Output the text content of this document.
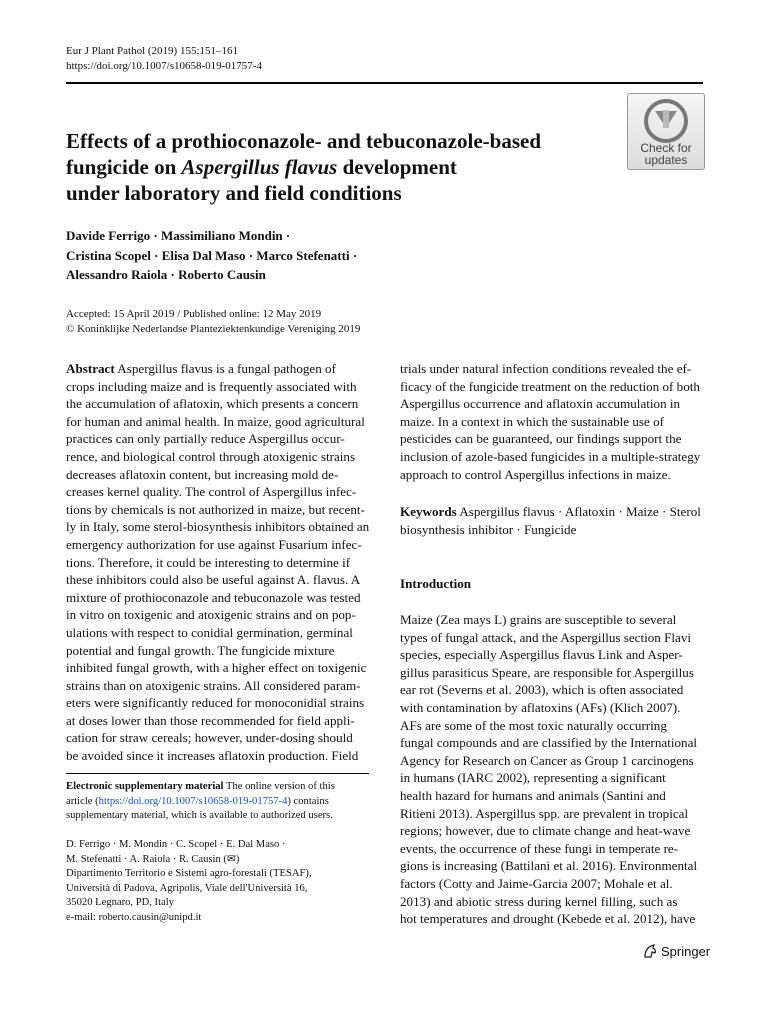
Eur J Plant Pathol (2019) 155:151–161
https://doi.org/10.1007/s10658-019-01757-4
Check for
updates
Effects of a prothioconazole- and tebuconazole-based
fungicide on Aspergillus flavus development
under laboratory and field conditions
Davide Ferrigo · Massimiliano Mondin ·
Cristina Scopel · Elisa Dal Maso · Marco Stefenatti ·
Alessandro Raiola · Roberto Causin
Accepted: 15 April 2019 / Published online: 12 May 2019
© Koninklijke Nederlandse Planteziektenkundige Vereniging 2019
Abstract Aspergillus flavus is a fungal pathogen of
crops including maize and is frequently associated with
the accumulation of aflatoxin, which presents a concern
for human and animal health. In maize, good agricultural
practices can only partially reduce Aspergillus occur-
rence, and biological control through atoxigenic strains
decreases aflatoxin content, but increasing mold de-
creases kernel quality. The control of Aspergillus infec-
tions by chemicals is not authorized in maize, but recent-
ly in Italy, some sterol-biosynthesis inhibitors obtained an
emergency authorization for use against Fusarium infec-
tions. Therefore, it could be interesting to determine if
these inhibitors could also be useful against A. flavus. A
mixture of prothioconazole and tebuconazole was tested
in vitro on toxigenic and atoxigenic strains and on pop-
ulations with respect to conidial germination, germinal
potential and fungal growth. The fungicide mixture
inhibited fungal growth, with a higher effect on toxigenic
strains than on atoxigenic strains. All considered param-
eters were significantly reduced for monoconidial strains
at doses lower than those recommended for field appli-
cation for straw cereals; however, under-dosing should
be avoided since it increases aflatoxin production. Field
Electronic supplementary material The online version of this
article (https://doi.org/10.1007/s10658-019-01757-4) contains
supplementary material, which is available to authorized users.
D. Ferrigo · M. Mondin · C. Scopel · E. Dal Maso ·
M. Stefenatti · A. Raiola · R. Causin (✉)
Dipartimento Territorio e Sistemi agro-forestali (TESAF),
Università di Padova, Agripolis, Viale dell'Università 16,
35020 Legnaro, PD, Italy
e-mail: roberto.causin@unipd.it
trials under natural infection conditions revealed the ef-
ficacy of the fungicide treatment on the reduction of both
Aspergillus occurrence and aflatoxin accumulation in
maize. In a context in which the sustainable use of
pesticides can be guaranteed, our findings support the
inclusion of azole-based fungicides in a multiple-strategy
approach to control Aspergillus infections in maize.
Keywords Aspergillus flavus · Aflatoxin · Maize · Sterol
biosynthesis inhibitor · Fungicide
Introduction
Maize (Zea mays L) grains are susceptible to several
types of fungal attack, and the Aspergillus section Flavi
species, especially Aspergillus flavus Link and Asper-
gillus parasiticus Speare, are responsible for Aspergillus
ear rot (Severns et al. 2003), which is often associated
with contamination by aflatoxins (AFs) (Klich 2007).
AFs are some of the most toxic naturally occurring
fungal compounds and are classified by the International
Agency for Research on Cancer as Group 1 carcinogens
in humans (IARC 2002), representing a significant
health hazard for humans and animals (Santini and
Ritieni 2013). Aspergillus spp. are prevalent in tropical
regions; however, due to climate change and heat-wave
events, the occurrence of these fungi in temperate re-
gions is increasing (Battilani et al. 2016). Environmental
factors (Cotty and Jaime-Garcia 2007; Mohale et al.
2013) and abiotic stress during kernel filling, such as
hot temperatures and drought (Kebede et al. 2012), have
Springer
